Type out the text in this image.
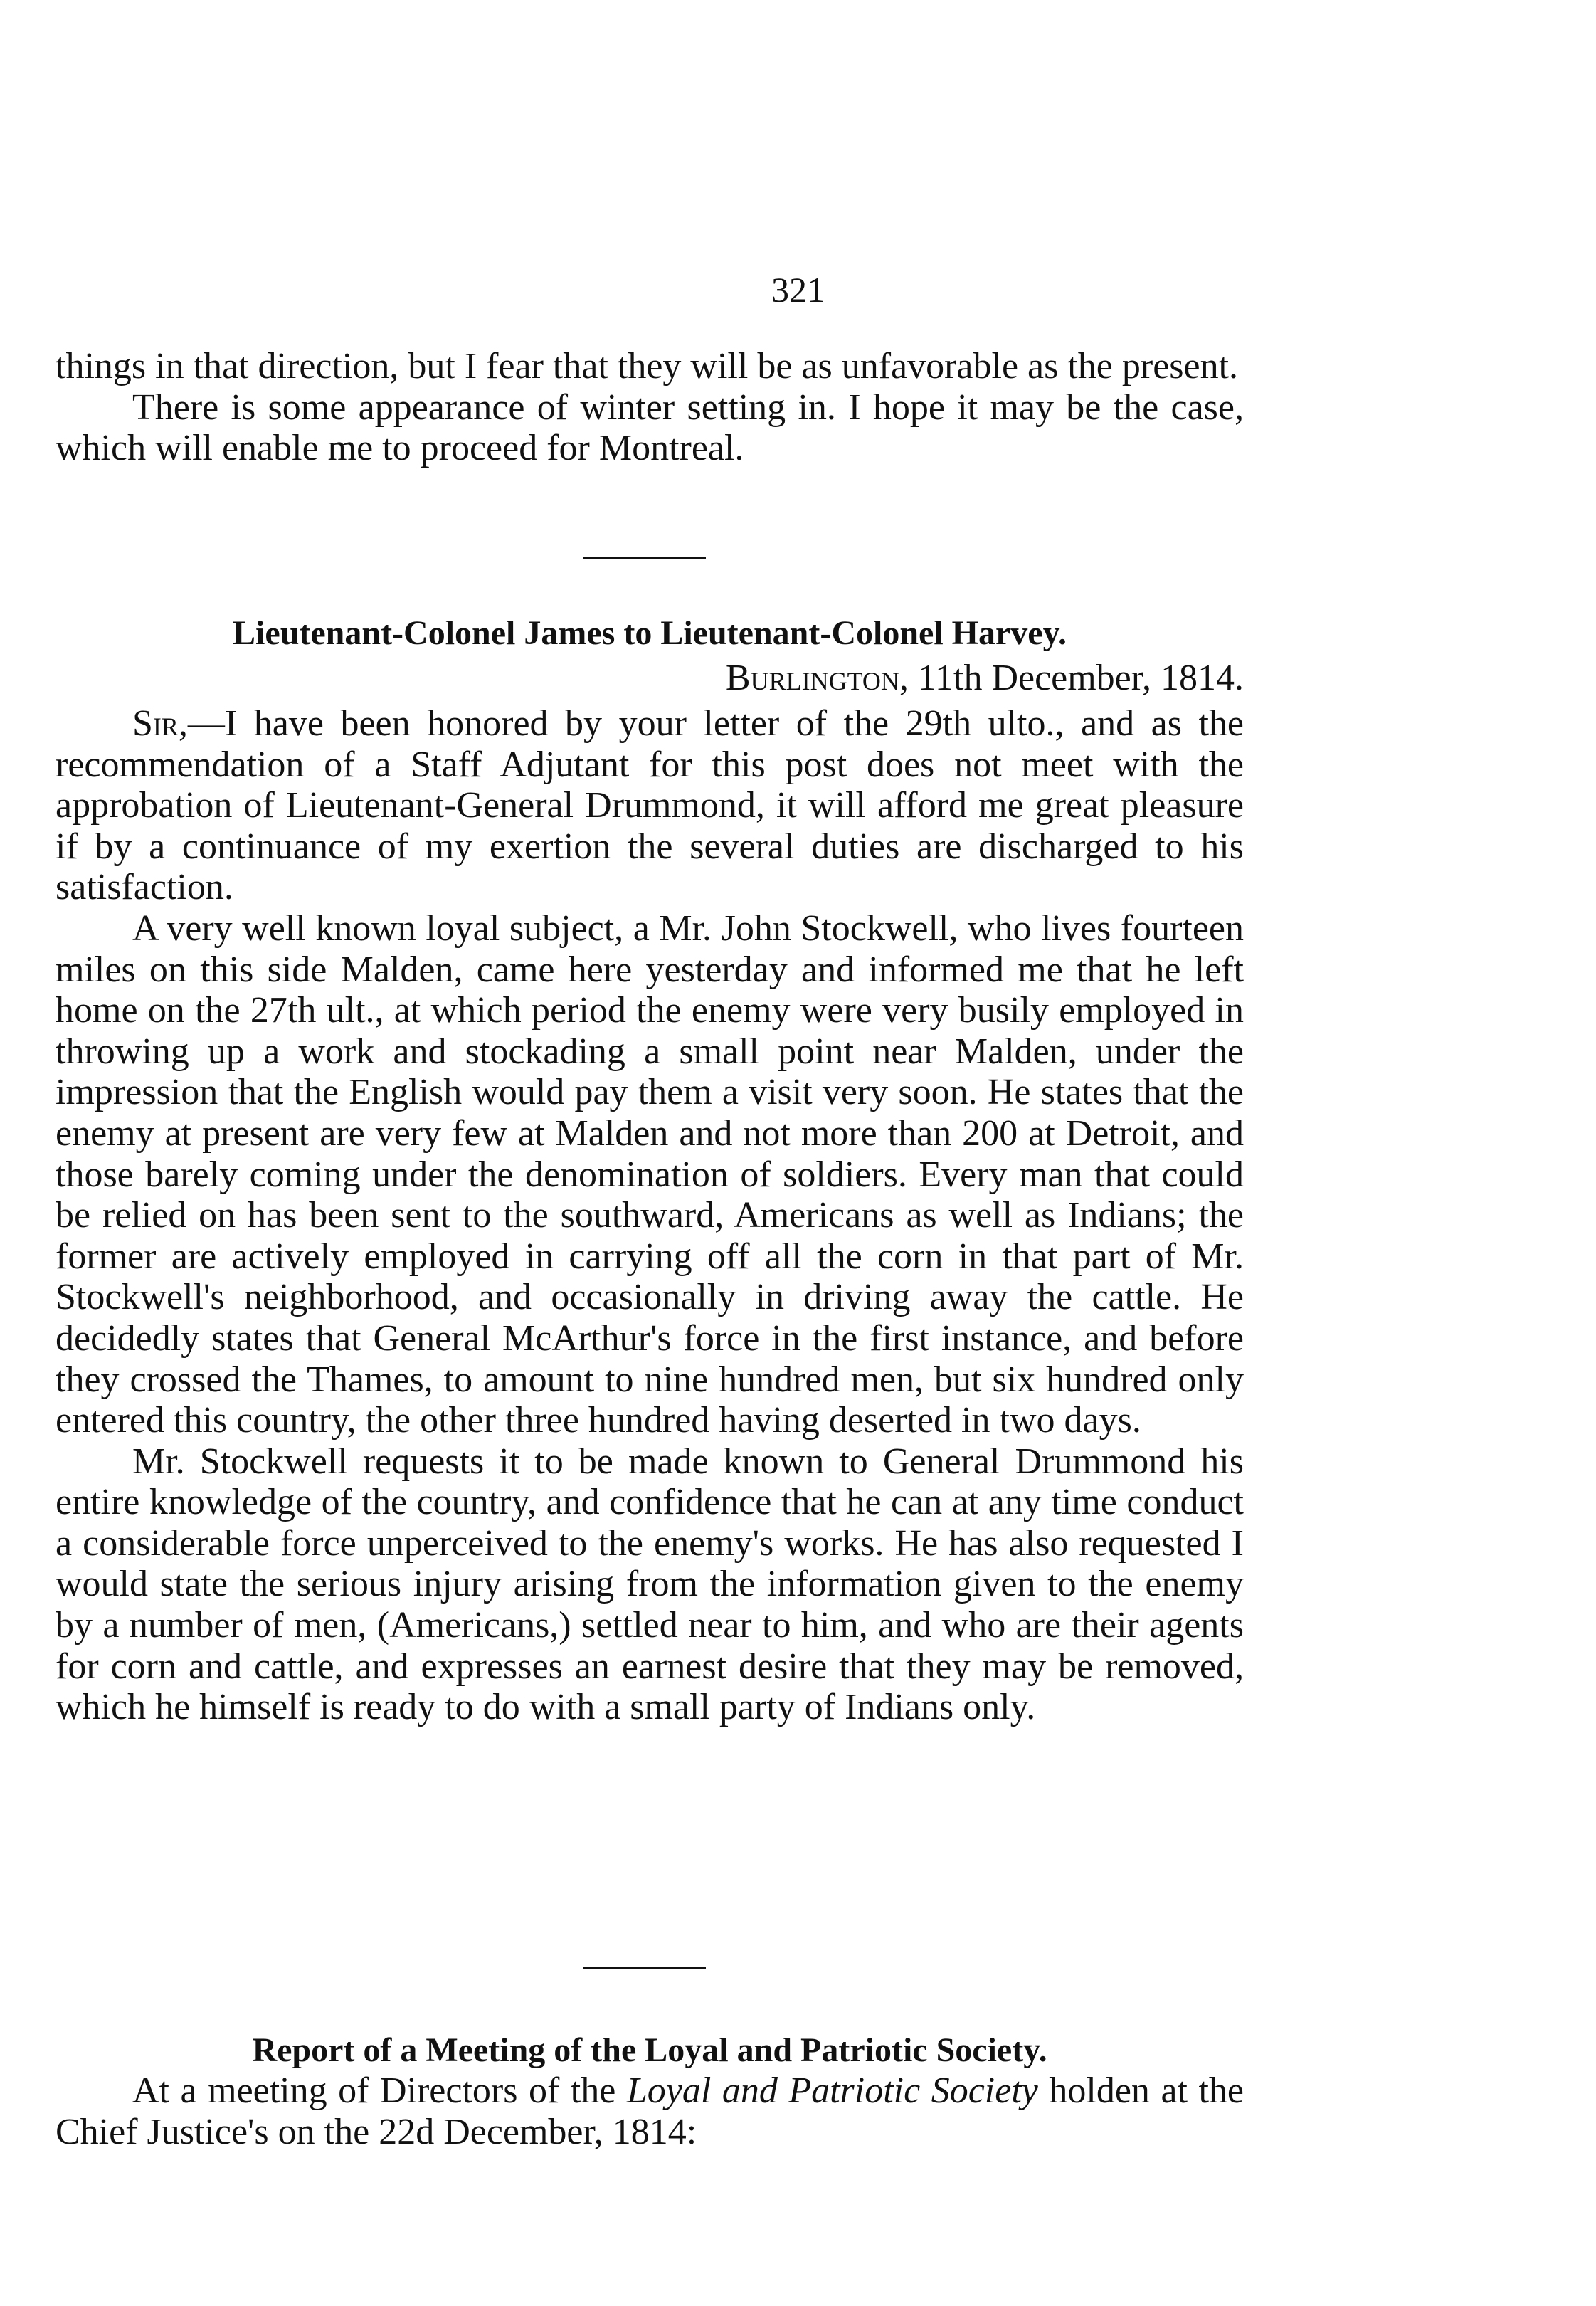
321

things in that direction, but I fear that they will be as unfavorable as the present.

There is some appearance of winter setting in. I hope it may be the case, which will enable me to proceed for Montreal.

Lieutenant-Colonel James to Lieutenant-Colonel Harvey.
Burlington, 11th December, 1814.

Sir,—I have been honored by your letter of the 29th ulto., and as the recommendation of a Staff Adjutant for this post does not meet with the approbation of Lieutenant-General Drummond, it will afford me great pleasure if by a continuance of my exertion the several duties are discharged to his satisfaction.

A very well known loyal subject, a Mr. John Stockwell, who lives fourteen miles on this side Malden, came here yesterday and informed me that he left home on the 27th ult., at which period the enemy were very busily employed in throwing up a work and stockading a small point near Malden, under the impression that the English would pay them a visit very soon. He states that the enemy at present are very few at Malden and not more than 200 at Detroit, and those barely coming under the denomination of soldiers. Every man that could be relied on has been sent to the southward, Americans as well as Indians; the former are actively employed in carrying off all the corn in that part of Mr. Stockwell's neighborhood, and occasionally in driving away the cattle. He decidedly states that General McArthur's force in the first instance, and before they crossed the Thames, to amount to nine hundred men, but six hundred only entered this country, the other three hundred having deserted in two days.

Mr. Stockwell requests it to be made known to General Drummond his entire knowledge of the country, and confidence that he can at any time conduct a considerable force unperceived to the enemy's works. He has also requested I would state the serious injury arising from the information given to the enemy by a number of men, (Americans,) settled near to him, and who are their agents for corn and cattle, and expresses an earnest desire that they may be removed, which he himself is ready to do with a small party of Indians only.

Report of a Meeting of the Loyal and Patriotic Society.

At a meeting of Directors of the Loyal and Patriotic Society holden at the Chief Justice's on the 22d December, 1814:
